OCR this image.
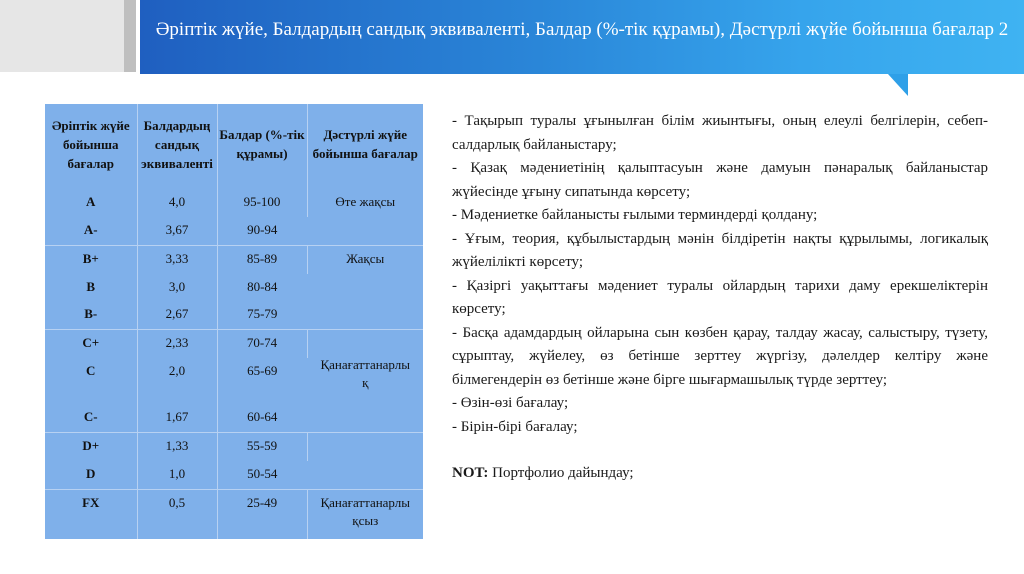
Әріптік жүйе, Балдардың сандық эквиваленті, Балдар (%-тік құрамы), Дәстүрлі жүйе бойынша бағалар 2
Әріптік жүйе бойынша бағалар	Балдардың сандық эквиваленті	Балдар (%-тік құрамы)	Дәстүрлі жүйе бойынша бағалар
A	4,0	95-100	Өте жақсы
A-	3,67	90-94	
B+	3,33	85-89	Жақсы
B	3,0	80-84	
B-	2,67	75-79	
C+	2,33	70-74	Қанағаттанарлық

C	2,0	65-69	
C-	1,67	60-64	
D+	1,33	55-59	
D	1,0	50-54	
FX	0,5	25-49	Қанағаттанарлықсыз

- Тақырып туралы ұғынылған білім жиынтығы, оның елеулі белгілерін, себеп-салдарлық байланыстару;

- Қазақ мәдениетінің қалыптасуын және дамуын пәнаралық байланыстар жүйесінде ұғыну сипатында көрсету;

- Мәдениетке байланысты ғылыми терминдерді қолдану;

- Ұғым, теория, құбылыстардың мәнін білдіретін нақты құрылымы, логикалық жүйелілікті көрсету;

- Қазіргі уақыттағы мәдениет туралы ойлардың тарихи даму ерекшеліктерін көрсету;

- Басқа адамдардың ойларына сын көзбен қарау, талдау жасау, салыстыру, түзету, сұрыптау, жүйелеу, өз бетінше зерттеу жүргізу, дәлелдер келтіру және білмегендерін өз бетінше және бірге шығармашылық түрде зерттеу;

- Өзін-өзі бағалау;

- Бірін-бірі бағалау;

NOT: Портфолио дайындау;
